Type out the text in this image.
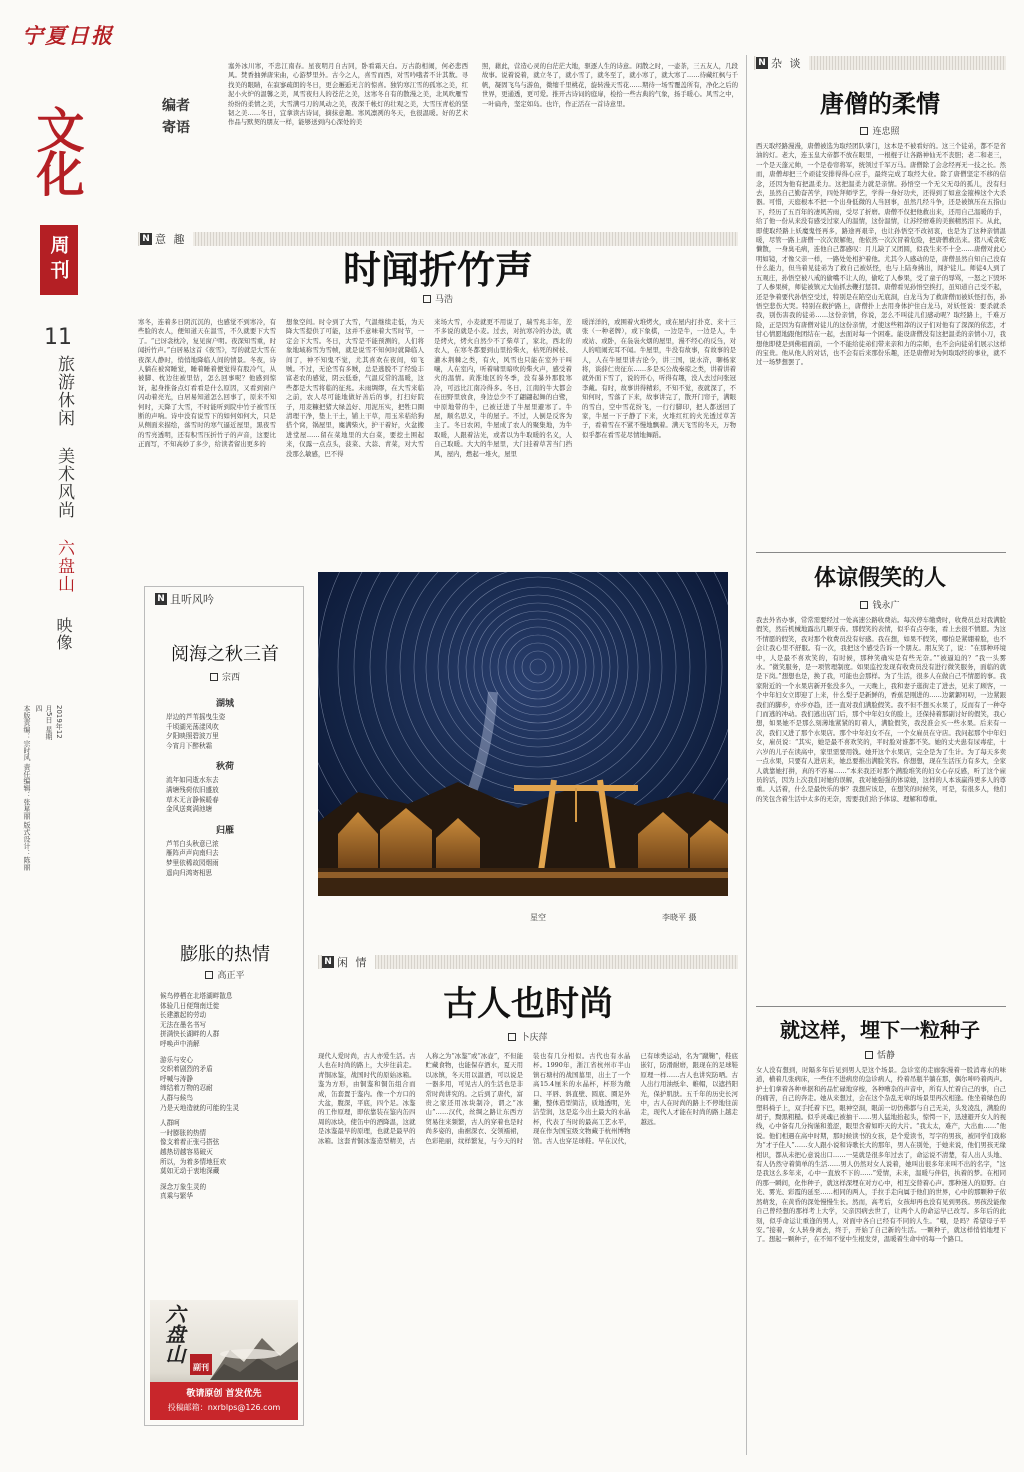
宁夏日报
文化
周刊
11
旅游休闲
美术风尚
六盘山
映像
本版责编：宗时风 责任编辑：张星丽 版式设计：陈丽	2019年12月5日 星期四
编者
寄语
塞外冰川寒，不忠江南春。星夜明月自古同，卧看霜天白。万古韵相闹，何必悲西风。焚香抽弹唐宋曲，心游梦里外。古今之人，喜雪而西，对雪吟哦者不计其数。寻找美的眼睛，在寂寥疏朗的冬日，更会邂逅无言的惊喜。独钓寒江雪的孤寒之美，红泥小火炉的温馨之美，风雪夜归人的苍茫之美，这寒冬自有的散漫之美，北风吹雁雪纷纷的柔情之美，大雪满弓刀的风动之美，夜深千帐灯的壮观之美，大雪压青松的坚韧之美……冬日，宜拿读古诗词，摘抹意趣。寒风凛冽的冬天，也很温暖。好的艺术作品与默契的朋友一样，能够送到内心深处的美
照，藉此，营造心灵的白茫茫大地，驱逐人生的诗意。闲散之时，一壶茶，三五友人，几段故事。说着说着，就立冬了，就小雪了，就冬至了，就小寒了，就大寒了……待藏红枫与千帆，凝固飞鸟与游鱼，微缩千里桃花，旋转漫天雪花……期待一场雪覆盖所有，净化之后的世界，更通透，更可爱。推开古诗词的庭扉，检拾一些古典的气象，扬手暖心。风雪之中，一叶扁舟，坚定如岛。也许，作正活在一首诗意里。
N 意 趣
时闻折竹声
马浩
寒冬，连着多日阴沉沉的，也感觉不到寒冷，有些脸的农人，便知道天在温雪，不久就要下大雪了。“已讶衾枕冷，复见窗户明。夜深知雪重，时闻折竹声。”白居易这首《夜雪》，写的就是大雪在夜深人静时，悄悄地降临人间的情景。冬夜，诗人躺在被窝睡觉，睡着睡着便觉得有股冷气，从被脚、枕边往被里钻，怎么回事呢？他感到惊讶，起身推备点灯看看是什么原因，又看到窗户闪动着亮光，白居易知道怎么回事了，原来不知何时，天降了大雪，不时能听到院中竹子被雪压断的声响。诗中没有说雪下的如何如何大，只是从侧面来描绘，落雪时的寒气逼近屋里，黑夜雪的雪亮透明，还有积雪压折竹子的声音，这要比正面写，不知高妙了多少，给读者留出更多的
想象空间。时令到了大雪，气温继续走低，为天降大雪提供了可能，这并不意味着大雪时节，一定会下大雪。冬日，大雪是不能预测的，人们将象地域称雪为雪帧，就是说雪不知何时就降临人间了，神不知鬼不觉，尤其喜欢在夜间，如飞贼。不过，无论雪有多贼，总是逃脱不了经验丰富老农的感觉，阴云低垂，气温反常的温暖，这些都是大雪将临的征兆。未雨绸缪，在大雪来临之前，农人尽可能地做好善后的事，打扫好院子，用麦糠把猪大绿盖好、用泥压实，把牲口圈清理干净，垫上干土，铺上干草，用玉米秸给狗搭个窝，锅屋里，麋满柴火，护干着好，火盆搬进堂屋……留在菜地里的大白菜，要挖土围起来，仅露一点点头，菠菜、大蒜、青菜，对大雪没那么敏感，巴不得
来场大雪，小麦就更不用说了，瑞雪兆丰年，差不多说的就是小麦。过去，对抗寒冷的办法，就是烤火，烤火自然少不了柴草了，家北，西北的农人，在寒冬都要到山里拾柴火，枯死的树枝、灌木荆棘之类，有火，风雪也只能在室外干叫嚷，人在室内，听着啸里暗吹的柴火声，感受着火的温情。黄淮地区的冬季，没有暴外那股寒冷，可远比江南冷得多。冬日，江南的牛大都会在田野里放食，身边总少不了翩翩起舞的白鹭，中原地带的牛，已被迁进了牛屋里避寒了。牛屋，顺名思义，牛的屋子。不过，人倒是反客为主了。冬日农闲，牛屋成了农人的聚集地，为牛取暖，人跟着沾光，或者以为牛取暖的名义，人自己取暖。大大的牛屋里，大门挂着草苫当门挡风，屋内，燃起一堆火，屋里
暖洋洋的，或围着火堆烤火，或在屋内打扑克、来十三张（一种老牌），或下象棋，一边是牛，一边是人，牛或站、或卧，在袅袅火烟的屋里，漫不经心的反刍，对人的喧闹充耳不闻。牛屋里，牛没有故事，有故事的是人，人在牛屋里讲古论今，讲三国，说水浒，聊杨家将，谈薛仁贵征东……多是买公战秦琼之类，讲着讲着就外面下雪了，说的开心，听得有趣，没人去过问张冠李戴。有时，故事讲得精彩，不知不觉，夜就深了，不知何时，雪落了下来，故事讲完了，散开门帘子，满眼的雪白，空中雪花纷飞，一行行脚印，把人都送回了家，牛屋一下子静了下来，火堆红红的火光透过草苫子，看着雪在不紧不慢地飘着。满天飞雪的冬天，万物似乎都在看雪花尽情地舞蹈。
N 且听风吟
阅海之秋三首
宗西
湖城
岸边的芦苇摇曳生姿
千顷湖光荡漾风吹
夕阳映照碧波万里
今宵月下醉秋霜
秋荷
流年如同逝水东去
满塘残荷依旧盛放
草木无言静候暖春
金风送爽满池塘
归雁
芦苇白头秋意已浓
雁阵声声向南归去
梦里依稀故园烟雨
遥向归鸿寄相思
膨胀的热情
高正平
候鸟停栖在北塔湖畔散息
体验几日便翔南迁徙
长建激起的劳动
无法在墨名书写
拼满快长湖畔的人群
呼唤声中消解
游乐与安心
交织着剧烈的矛盾
呼喊与涛静
缔结着万物的忍耐
人群与候鸟
乃是天地造就的可能的生灵
人群呵
一时膨胀的热情
像支着着正张弓搭弦
越热切越容易破灭
所以，为着多情地狂欢
莫如无动于衷地深藏
深念万象生灵的
真乘与繁华
六盘山
副刊
敬请原创 首发优先
投稿邮箱：nxrblps@126.com
星空	李晓平 摄
N 闲 情
古人也时尚
卜庆萍
现代人爱时尚，古人亦爱生活。古人也在时尚的路上，大步往前走。青铜冰鉴，战国时代的原始冰箱。鉴为方形，由铜鉴和铜缶组合而成，缶套置于鉴内。像一个方口的大盆，腹深，平底，四个足。冰鉴的工作原理，即依靠装在鉴内缶四周的冰块，使缶中的酒降温，这就是冰鉴最早的原理，也就是最早的冰箱。这套青铜冰鉴造型精美，古人称之为“冰鉴”或“冰壶”，不但能贮藏食物，也能保存酒水，夏天用以冰镇，冬天用以温酒，可以说是一器多用，可见古人的生活也是非常时尚讲究的。之后到了唐代，富贵之家还用冰块制冷，谓之“冰山”……汉代，丝绸之路让东西方贸易往来频繁，古人的穿着也是时尚多姿的，曲裾深衣、交领襦裙，色彩艳丽，纹样繁复，与今天的时装也有几分相似。古代也有水晶杯。1990年，浙江省杭州市半山镇石塘村的战国墓里，出土了一个高15.4厘米的水晶杯，杯形为敞口、平唇、斜直壁、圆底、圈足外撇，整体造型简洁，质地透明，光洁莹润，这是迄今出土最大的水晶杯，代表了当时的最高工艺水平，现在作为国宝级文物藏于杭州博物馆。古人也穿足球鞋。早在汉代，已有球类运动，名为“蹴鞠”，鞋底嵌钉，防滑耐磨，跟现在的足球鞋原理一样……古人也讲究防晒。古人出行用油纸伞、帷帽，以遮挡阳光，保护肌肤。五千年的历史长河中，古人在时尚的路上不停地往前走，现代人才能在时尚的路上越走越远。
N 杂 谈
唐僧的柔情
连忠照
西天取经路漫漫，唐僧被选为取经团队掌门，这本是不被看好的。这三个徒弟，都不是省油的灯。老大，连玉皇大帝都不放在眼里，一根棍子让各路神仙无不丧胆；老二和老三，一个是天蓬元帅，一个是卷帘将军，统领过千军万马。唐僧除了会念经再无一技之长。然而，唐僧却把三个顽徒安排得得心应手，最终完成了取经大业。除了唐僧坚定不移的信念，还因为他有把温柔力。这把温柔力就是亲情。孙悟空一个无父无母的孤儿，没有归去，虽然自己勤奋苦学，四处拜师学艺，学得一身好功夫，还得到了如意金箍棒这个大杀器。可惜，天庭根本不把一个出身低微的人当回事，虽然几经斗争，还是被镇压在五指山下，经历了五百年的凄风苦雨，受尽了折磨。唐僧不仅把他救出来，还用自己温暖的手，给了他一份从来没有感受过家人的温情，这份温情，让苏经磨难的美猴精然泪下。从此，即使取经路上妖魔鬼怪再多，路途再艰辛，也让孙悟空不改初衷，也是为了这种亲情温暖，尽管一路上唐僧一次次误解他，他依然一次次冒着危险，把唐僧救出来。猪八戒贪吃懒散，一身臭毛病，连他自己都感叹：月儿缺了又团圆，似我生来不十全……唐僧对此心明如镜，才像父亲一样，一路处处相护着他。尤其今人感动的是，唐僧虽然自知自己没有什么能力，但当着见徒弟为了救自己被妖怪，也与上陆身拂出，闯护徒儿。师徒4人到了五观庄，孙悟空被八戒的偷嘴不让人的，偷吃了人参果，受了童子的辱骂，一怒之下毁坏了人参果树，师徒被镇元大仙抓去鞭打惩罚。唐僧看见孙悟空挨打，虽知道自己受不起，还是争着要代孙悟空受过，特别是在陷空山无底洞，白龙马为了救唐僧而被妖怪打伤，孙悟空悲伤大哭。特别在救护路上，唐僧扑上去用身体护住白龙马，对妖怪说：要杀就杀我，别伤害我的徒弟……这份亲情，你说，怎么不叫徒儿们感动呢？取经路上，千难万险，正是因为有唐僧对徒儿的这份亲情，才使这些粗莽的汉子们对他有了深深的依恋，才甘心情愿地跟他团结在一起，去面对每一个困难。能设唐僧没有这把温柔的亲情小刀，我想他即使是到佛祖面前，一个不能给徒弟们带来亲和力的宗师，也不会向徒弟们展示这样的宝贵。他从他人的对话，也不会有后来那份乐趣，还是唐僧对为何取取经的事业，就不过一场梦想罢了。
体谅假笑的人
钱永广
我去外省办事，常常需要经过一处高速公路收费站。每次停车缴费时，收费员总对我满脸假笑，然后机械地露出几颗牙齿。那假笑的表情，似乎有点夸张，看上去很不情愿。为这不情愿的假笑，我对那个收费员没有好感。我在想，如果不假笑，哪怕是紧绷着脸，也不会让我心里不舒服。有一次，我把这个感受告诉一个朋友。朋友笑了，说：“在那种环境中，人是最不喜欢笑的，有时候，那种笑确实是有些无奈。”“被逼迫的？”我一头雾水。“微笑服务，是一项管理制度。如果监控发现有收费员没有进行微笑服务，面临的就是下岗。”想想也是，换了我，可能也会那样。为了生活，很多人在做自己不情愿的事。我家附近的一个水果店新开张没多久，一天晚上，我和妻子逛街走了进去，见来了顾客，一个中年妇女立即迎了上来，什么梨子是新鲜的，香蕉是刚进的……边絮絮叨叨，一边紧跟我们的脚步，亦步亦趋，还一直对我们满脸假笑。我不但不想买水果了，反而有了一种夺门而逃的冲动。我们逃出店门后，那个中年妇女的脸上，还保持着那副讨好的假笑，我心想，如果她不是那么刻薄地紧紧的盯着人，满脸假笑，我没准会买一些水果。后来有一次，我们又进了那个水果店。那个中年妇女不在，一个女雇员在守店。我问起那个中年妇女，雇员说：“其实，她是最不喜欢笑的，平时脸对谁都不笑。她的丈夫患有尿毒症，十六岁的儿子在读高中，家里需要用钱。她开这个水果店，完全是为了生计。为了每天多卖一点水果，只要有人进店来，她总要推出满脸笑容。你想想，现在生活压力有多大，全家人就靠她打拼，真的不容易……”本来我还对那个满脸堆笑的妇女心存反感，听了这个雇员的话，因为上次我们对她的误解，我对她强强的体谅她，这样的人本该赢得更多人的尊重。人活着，什么是最快乐的事？我想应该是，在想笑的时候笑，可是，有很多人，他们的笑包含着生活中太多的无奈，需要我们给予体谅、理解和尊重。
就这样，埋下一粒种子
恬静
女人没有想到，时隔多年后见到男人是这个场景。急诊室的走廊弥漫着一股消毒水的味道，横着几张病床，一些住不进病房的急诊病人，拎着吊瓶半躺在那，偶尔呻吟着两声。护士们拿着各种单据和药品忙碌地穿梭，各种嘈杂的声音中，所有人忙着自己的事，自己的痛苦，自己的奔走。她从来想过，会在这个杂乱无章的场景里再次相逢。他坐着绿色的塑料椅子上，双手托着下巴，眼神空洞，眼前一切仿佛都与自己无关，头发凌乱，满脸的胡子，黝黑粗糙。似乎灵魂已被抽干……男人猛地抬起头，惊愕一下，迅速避开女人的视线，心中备有几分拘谨和羞涩，眼里含着如昨天的大片。“我太太，难产，大出血……”他说。他们相遇在高中时期，那时候读书的女孩，是个爱读书，写字的男孩，被同学们戏称为“才子佳人”……女人跟小说和诗歌长大的那年，男人在别处，于她来说，他们男孩无缘相识，都从未把心意说出口……一晃就是很多年过去了，命运说不清楚，有人出人头地、有人仍然守着简单的生活……男人仍然对女人说着，她叫出很多年来叫不出的名字，“这是我这么多年来，心中一直放不下的……”爱情，未来，温暖与伴侣，执着的梦。在相同的那一瞬间，化作种子，就这样深埋在对方心中，相互交替着心声。那种迷人的原野。白光、雾光、彩霞的延至……相同的两人，手拉手走向属于他们的世界，心中的那颗种子依然萌发，在黄昏的深处慢慢生长。然而，高考后，女孩却再也没有见到男孩。男孩没能像自己曾经想的那样考上大学，父亲因病去世了，让两个人的命运早已改写。多年后的此刻，似乎命运让重逢的男人，对面中各自已经有不同的人生。“哦，是吗？希望母子平安。”接着，女人转身离去，终于，开始了自己新的生活。一颗种子，就这样悄悄地埋下了。想起一颗种子，在不知不觉中生根发芽，温暖着生命中的每一个路口。
